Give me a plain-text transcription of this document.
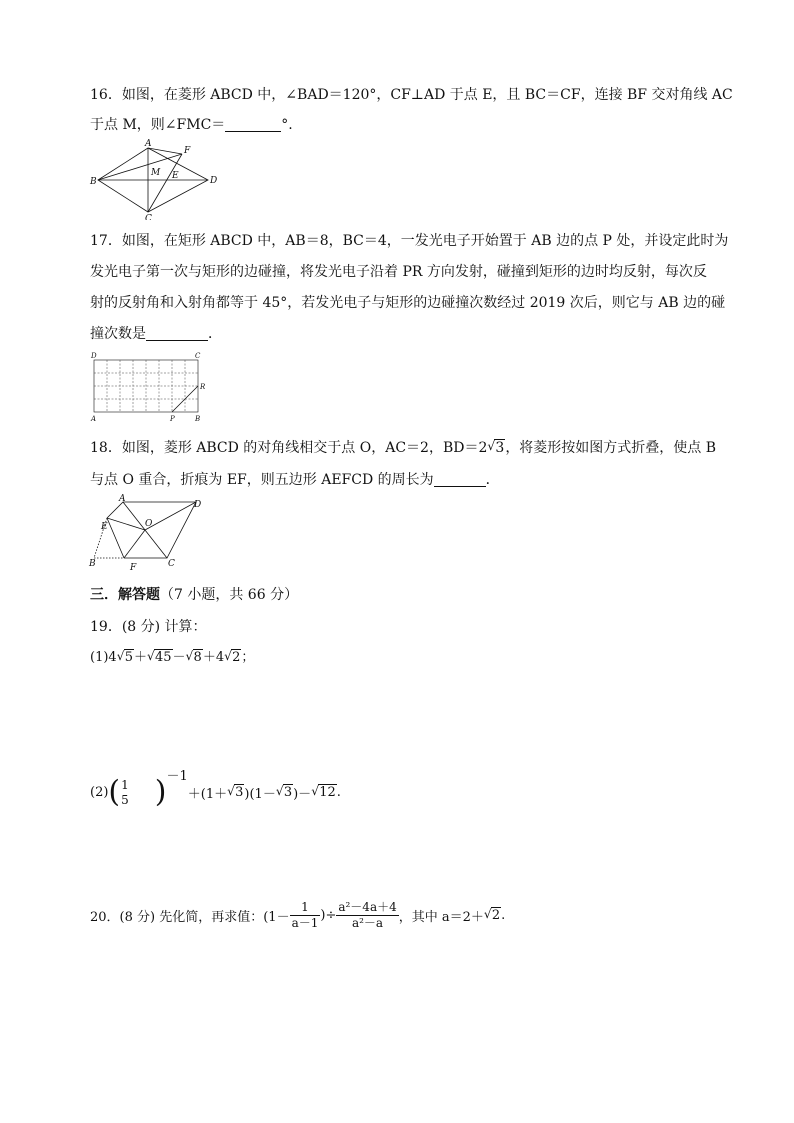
16．如图，在菱形 ABCD 中，∠BAD＝120°，CF⊥AD 于点 E，且 BC＝CF，连接 BF 交对角线 AC
于点 M，则∠FMC＝	°.
A
B
C
D
F
E
M
17．如图，在矩形 ABCD 中，AB＝8，BC＝4，一发光电子开始置于 AB 边的点 P 处，并设定此时为
发光电子第一次与矩形的边碰撞，将发光电子沿着 PR 方向发射，碰撞到矩形的边时均反射，每次反
射的反射角和入射角都等于 45°，若发光电子与矩形的边碰撞次数经过 2019 次后，则它与 AB 边的碰
撞次数是	．
D	C
A	B
P
R
18．如图，菱形 ABCD 的对角线相交于点 O，AC＝2，BD＝2 √ 3，将菱形按如图方式折叠，使点 B
与点 O 重合，折痕为 EF，则五边形 AEFCD 的周长为	．
A
D
E	O
B	F	C
三．解答题（7 小题，共 66 分）
19．(8 分) 计算：
(1)4 √ 5＋ √ 45－ √ 8＋4 √ 2；
(2)( 1
5 )$^{-1}$＋(1＋ √ 3)(1－ √ 3)－ √ 12.
20．(8 分) 先化简，再求值：($1- \frac{1}{a-1}$ )÷ $\frac{\text{a²－4a＋4}}{\text{a²－a}}$ ，其中 a＝2＋ √ 2.
